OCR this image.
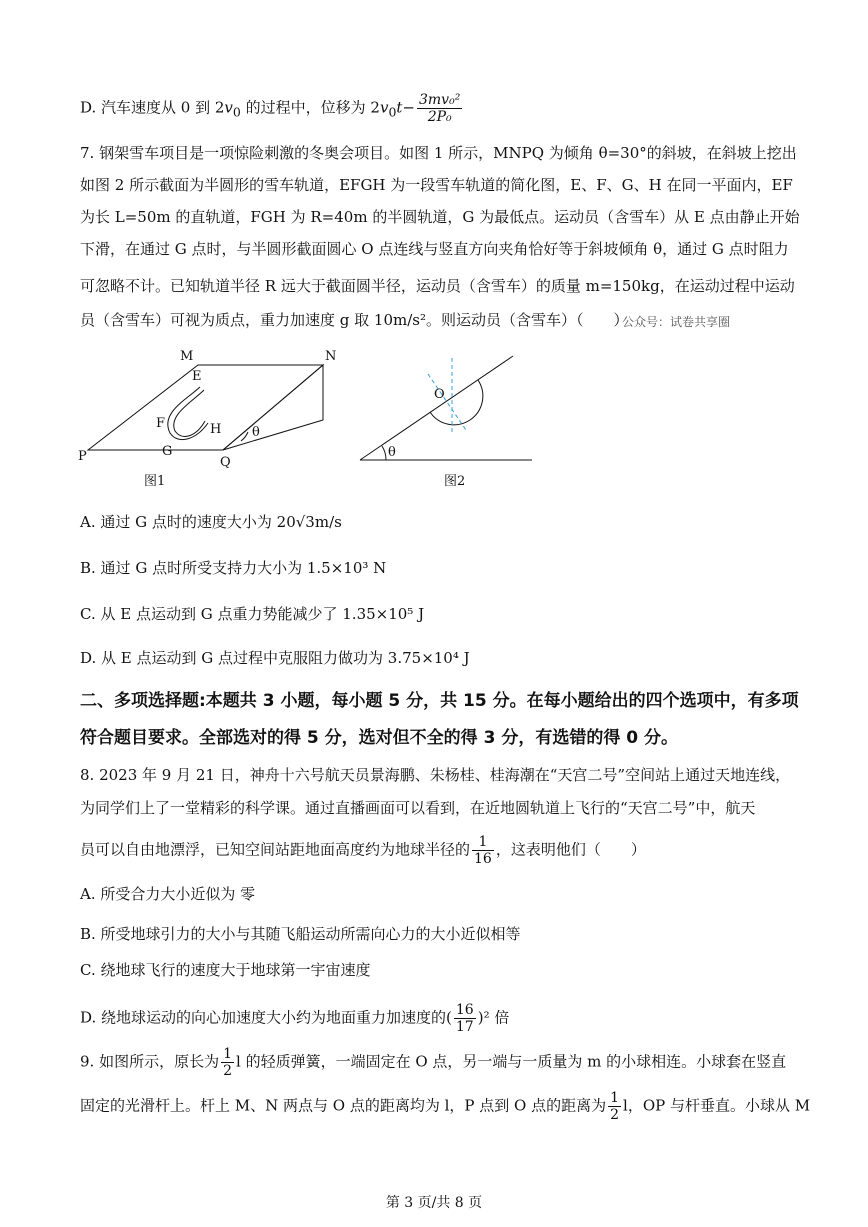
D. 汽车速度从 0 到 $2v_0$ 的过程中，位移为 $2v_0t- \frac{\text{3mv₀²}}{\text{2P₀}}$
7. 钢架雪车项目是一项惊险刺激的冬奥会项目。如图 1 所示，MNPQ 为倾角 θ=30°的斜坡，在斜坡上挖出
如图 2 所示截面为半圆形的雪车轨道，EFGH 为一段雪车轨道的简化图，E、F、G、H 在同一平面内，EF
为长 L=50m 的直轨道，FGH 为 R=40m 的半圆轨道，G 为最低点。运动员（含雪车）从 E 点由静止开始
下滑，在通过 G 点时，与半圆形截面圆心 O 点连线与竖直方向夹角恰好等于斜坡倾角 θ，通过 G 点时阻力
可忽略不计。已知轨道半径 R 远大于截面圆半径，运动员（含雪车）的质量 m=150kg，在运动过程中运动
员（含雪车）可视为质点，重力加速度 g 取 10m/s²。则运动员（含雪车）（　　）
公众号：试卷共享圈
M	N
E
F
G
H
P	Q
θ
图1
O
θ
图2
A. 通过 G 点时的速度大小为 20√3m/s
B. 通过 G 点时所受支持力大小为 1.5×10³ N
C. 从 E 点运动到 G 点重力势能减少了 1.35×10⁵ J
D. 从 E 点运动到 G 点过程中克服阻力做功为 3.75×10⁴ J
二、多项选择题:本题共 3 小题，每小题 5 分，共 15 分。在每小题给出的四个选项中，有多项
符合题目要求。全部选对的得 5 分，选对但不全的得 3 分，有选错的得 0 分。
8. 2023 年 9 月 21 日，神舟十六号航天员景海鹏、朱杨桂、桂海潮在“天宫二号”空间站上通过天地连线，
为同学们上了一堂精彩的科学课。通过直播画面可以看到，在近地圆轨道上飞行的“天宫二号”中，航天
员可以自由地漂浮，已知空间站距地面高度约为地球半径的 $\frac{1}{16}$ ，这表明他们（　　）
A. 所受合力大小近似为 零
B. 所受地球引力的大小与其随飞船运动所需向心力的大小近似相等
C. 绕地球飞行的速度大于地球第一宇宙速度
D. 绕地球运动的向心加速度大小约为地面重力加速度的( $\frac{16}{17} )^2$ 倍
9. 如图所示，原长为 $\frac{1}{2}$ l 的轻质弹簧，一端固定在 O 点，另一端与一质量为 m 的小球相连。小球套在竖直
固定的光滑杆上。杆上 M、N 两点与 O 点的距离均为 l，P 点到 O 点的距离为 $\frac{1}{2}$ l，OP 与杆垂直。小球从 M
第 3 页/共 8 页
